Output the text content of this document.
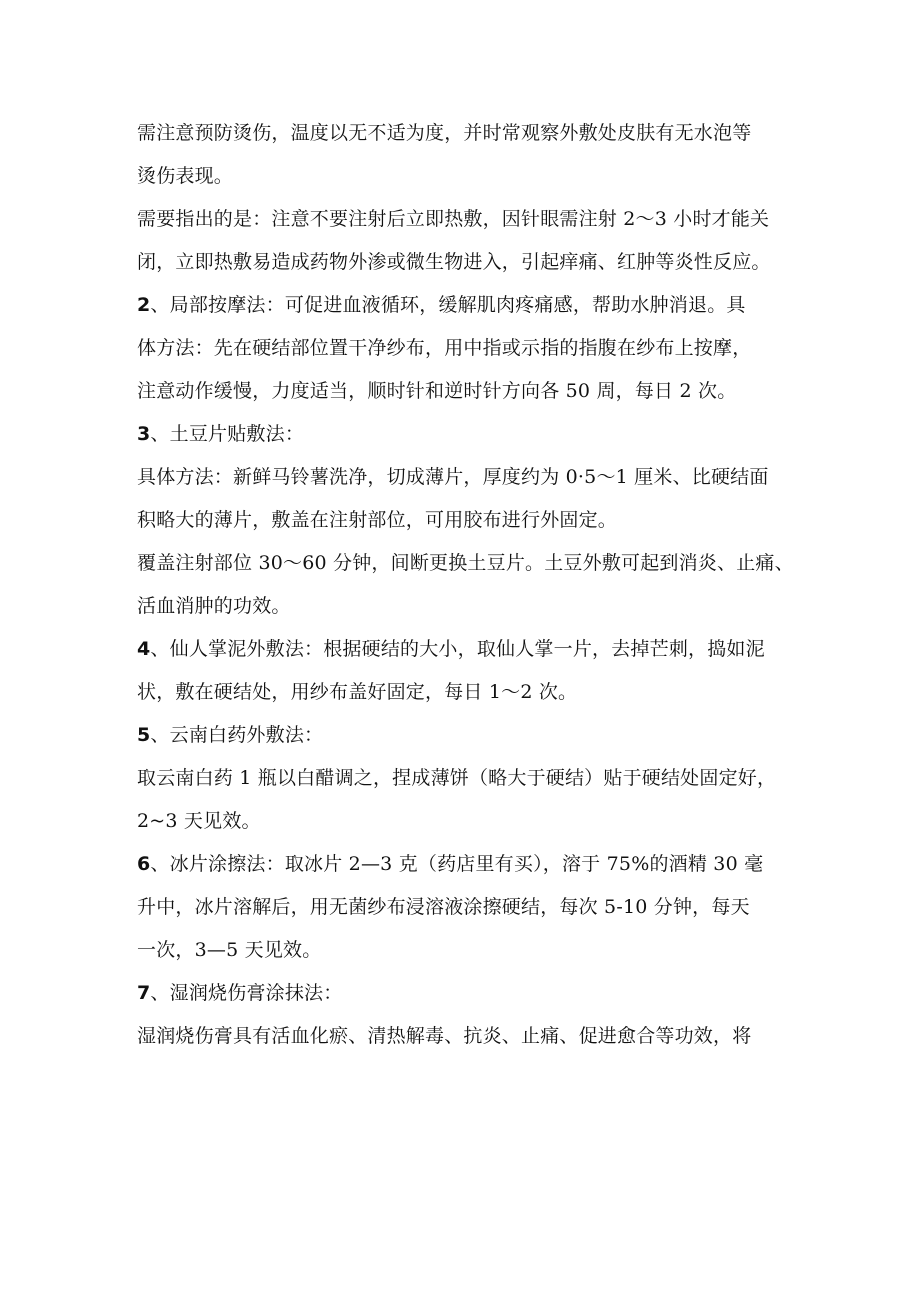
需注意预防烫伤，温度以无不适为度，并时常观察外敷处皮肤有无水泡等

烫伤表现。

需要指出的是：注意不要注射后立即热敷，因针眼需注射 2～3 小时才能关

闭，立即热敷易造成药物外渗或微生物进入，引起痒痛、红肿等炎性反应。

2、局部按摩法：可促进血液循环，缓解肌肉疼痛感，帮助水肿消退。具

体方法：先在硬结部位置干净纱布，用中指或示指的指腹在纱布上按摩，

注意动作缓慢，力度适当，顺时针和逆时针方向各 50 周，每日 2 次。

3、土豆片贴敷法：

具体方法：新鲜马铃薯洗净，切成薄片，厚度约为 0·5～1 厘米、比硬结面

积略大的薄片，敷盖在注射部位，可用胶布进行外固定。

覆盖注射部位 30～60 分钟，间断更换土豆片。土豆外敷可起到消炎、止痛、

活血消肿的功效。

4、仙人掌泥外敷法：根据硬结的大小，取仙人掌一片，去掉芒刺，捣如泥

状，敷在硬结处，用纱布盖好固定，每日 1～2 次。

5、云南白药外敷法：

取云南白药 1 瓶以白醋调之，捏成薄饼（略大于硬结）贴于硬结处固定好，

2~3 天见效。

6、冰片涂擦法：取冰片 2—3 克（药店里有买），溶于 75%的酒精 30 毫

升中，冰片溶解后，用无菌纱布浸溶液涂擦硬结，每次 5-10 分钟，每天

一次，3—5 天见效。

7、湿润烧伤膏涂抹法：

湿润烧伤膏具有活血化瘀、清热解毒、抗炎、止痛、促进愈合等功效，将
